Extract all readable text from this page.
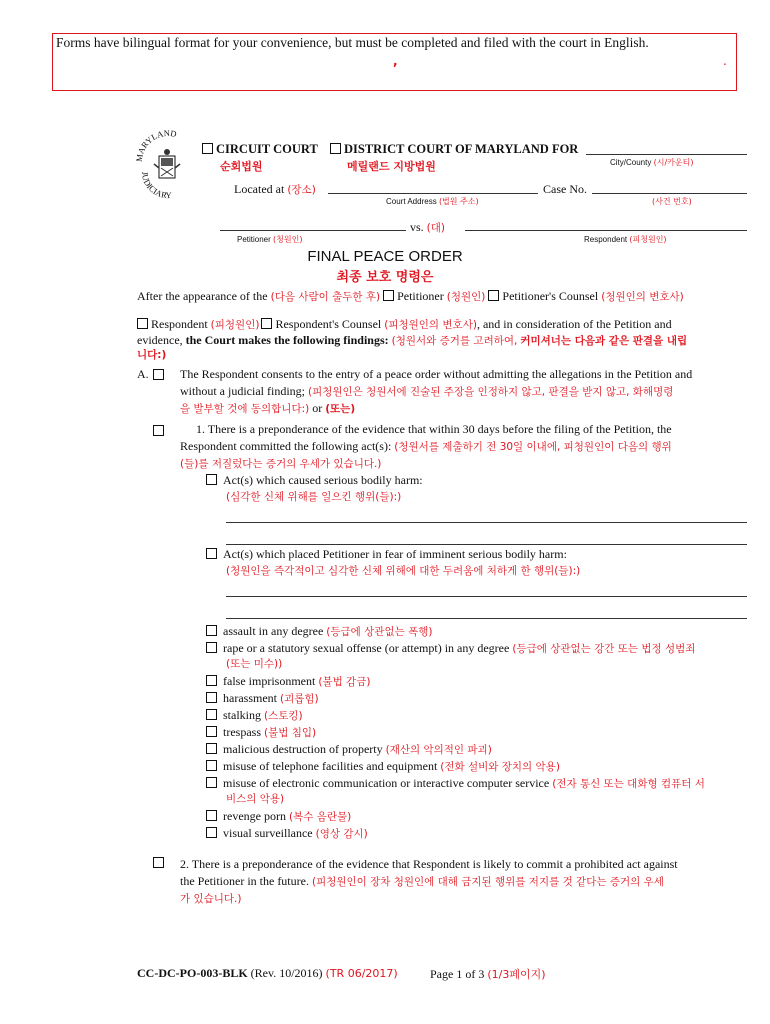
Forms have bilingual format for your convenience, but must be completed and filed with the court in English.
,	.
ARYLAND
JUDICIARY
CIRCUIT COURT
순회법원
DISTRICT COURT OF MARYLAND FOR
메릴랜드 지방법원	City/County (시/카운티)
Located at (장소)
Court Address (법원 주소)
Case No.
(사건 번호)
vs. (대)
Petitioner (청원인)	Respondent (피청원인)
FINAL PEACE ORDER
최종 보호 명령은
After the appearance of the (다음 사람이 출두한 후) Petitioner (청원인) Petitioner's Counsel (청원인의 변호사)
Respondent (피청원인) Respondent's Counsel (피청원인의 변호사), and in consideration of the Petition and
evidence, the Court makes the following findings: (청원서와 증거를 고려하여, 커미셔너는 다음과 같은 판결을 내립
니다:)
A.	The Respondent consents to the entry of a peace order without admitting the allegations in the Petition and
without a judicial finding; (피청원인은 청원서에 진술된 주장을 인정하지 않고, 판결을 받지 않고, 화해명령
을 발부할 것에 동의합니다:) or (또는)
1. There is a preponderance of the evidence that within 30 days before the filing of the Petition, the
Respondent committed the following act(s): (청원서를 제출하기 전 30일 이내에, 피청원인이 다음의 행위
(들)를 저질렀다는 증거의 우세가 있습니다.)
Act(s) which caused serious bodily harm:
(심각한 신체 위해를 일으킨 행위(들):)
Act(s) which placed Petitioner in fear of imminent serious bodily harm:
(청원인을 즉각적이고 심각한 신체 위해에 대한 두려움에 처하게 한 행위(들):)
assault in any degree (등급에 상관없는 폭행)
rape or a statutory sexual offense (or attempt) in any degree (등급에 상관없는 강간 또는 법정 성범죄
(또는 미수))
false imprisonment (불법 감금)
harassment (괴롭힘)
stalking (스토킹)
trespass (불법 침입)
malicious destruction of property (재산의 악의적인 파괴)
misuse of telephone facilities and equipment (전화 설비와 장치의 악용)
misuse of electronic communication or interactive computer service (전자 통신 또는 대화형 컴퓨터 서
비스의 악용)
revenge porn (복수 음란물)
visual surveillance (영상 감시)
2. There is a preponderance of the evidence that Respondent is likely to commit a prohibited act against
the Petitioner in the future. (피청원인이 장차 청원인에 대해 금지된 행위를 저지를 것 같다는 증거의 우세
가 있습니다.)
CC-DC-PO-003-BLK (Rev. 10/2016) (TR 06/2017)	Page 1 of 3 (1/3페이지)
